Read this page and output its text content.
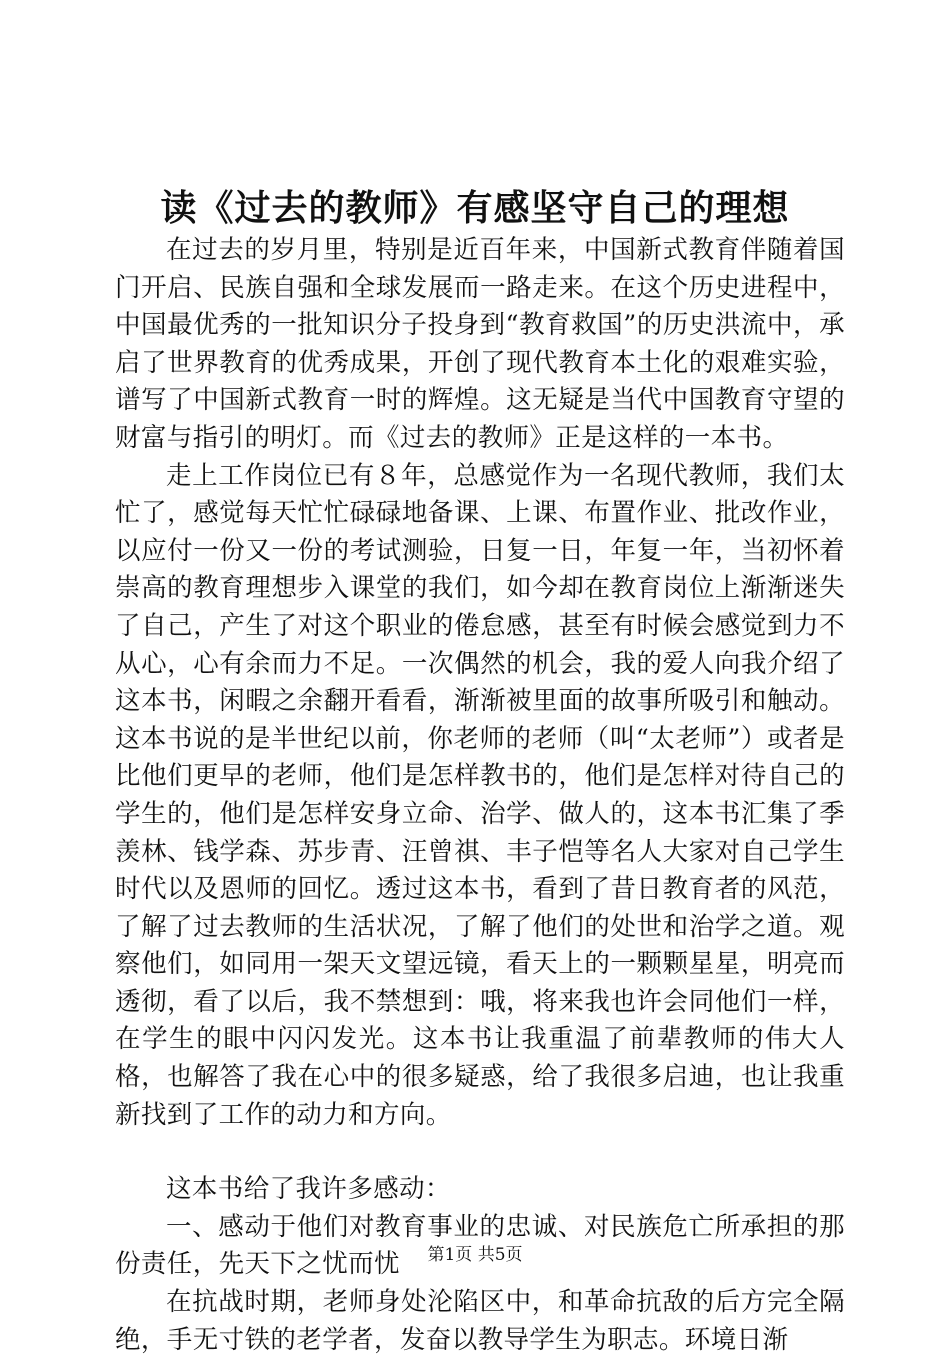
读《过去的教师》有感坚守自己的理想

在过去的岁月里，特别是近百年来，中国新式教育伴随着国门开启、民族自强和全球发展而一路走来。在这个历史进程中，中国最优秀的一批知识分子投身到“教育救国”的历史洪流中，承启了世界教育的优秀成果，开创了现代教育本土化的艰难实验，谱写了中国新式教育一时的辉煌。这无疑是当代中国教育守望的财富与指引的明灯。而《过去的教师》正是这样的一本书。

走上工作岗位已有８年，总感觉作为一名现代教师，我们太忙了，感觉每天忙忙碌碌地备课、上课、布置作业、批改作业，以应付一份又一份的考试测验，日复一日，年复一年，当初怀着崇高的教育理想步入课堂的我们，如今却在教育岗位上渐渐迷失了自己，产生了对这个职业的倦怠感，甚至有时候会感觉到力不从心，心有余而力不足。一次偶然的机会，我的爱人向我介绍了这本书，闲暇之余翻开看看，渐渐被里面的故事所吸引和触动。这本书说的是半世纪以前，你老师的老师（叫“太老师”）或者是比他们更早的老师，他们是怎样教书的，他们是怎样对待自己的学生的，他们是怎样安身立命、治学、做人的，这本书汇集了季羡林、钱学森、苏步青、汪曾祺、丰子恺等名人大家对自己学生时代以及恩师的回忆。透过这本书，看到了昔日教育者的风范，了解了过去教师的生活状况，了解了他们的处世和治学之道。观察他们，如同用一架天文望远镜，看天上的一颗颗星星，明亮而透彻，看了以后，我不禁想到：哦，将来我也许会同他们一样，在学生的眼中闪闪发光。这本书让我重温了前辈教师的伟大人格，也解答了我在心中的很多疑惑，给了我很多启迪，也让我重新找到了工作的动力和方向。

这本书给了我许多感动：

一、感动于他们对教育事业的忠诚、对民族危亡所承担的那份责任，先天下之忧而忧

在抗战时期，老师身处沦陷区中，和革命抗敌的后方完全隔绝，手无寸铁的老学者，发奋以教导学生为职志。环境日渐

第1页 共5页
